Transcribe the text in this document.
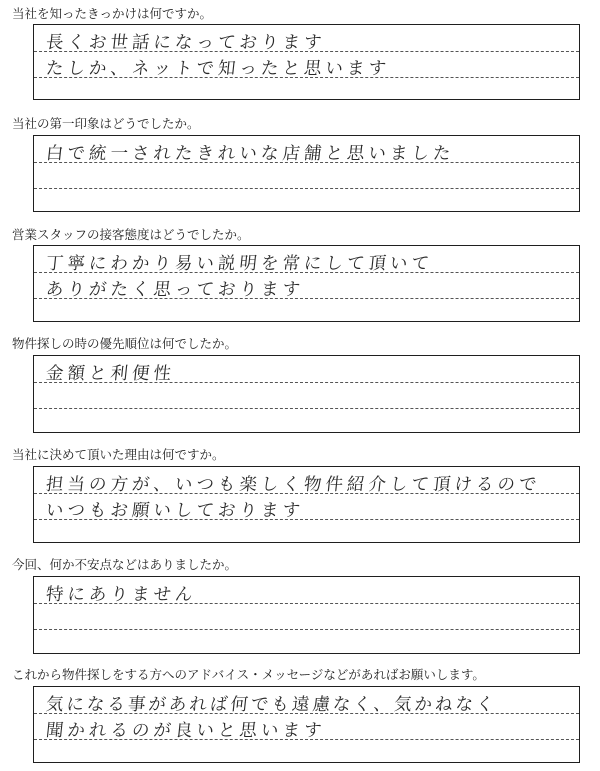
当社を知ったきっかけは何ですか。
長くお世話になっております
たしか、ネットで知ったと思います
当社の第一印象はどうでしたか。
白で統一されたきれいな店舗と思いました
営業スタッフの接客態度はどうでしたか。
丁寧にわかり易い説明を常にして頂いて
ありがたく思っております
物件探しの時の優先順位は何でしたか。
金額と利便性
当社に決めて頂いた理由は何ですか。
担当の方が、いつも楽しく物件紹介して頂けるので
いつもお願いしております
今回、何か不安点などはありましたか。
特にありません
これから物件探しをする方へのアドバイス・メッセージなどがあればお願いします。
気になる事があれば何でも遠慮なく、気かねなく
聞かれるのが良いと思います
